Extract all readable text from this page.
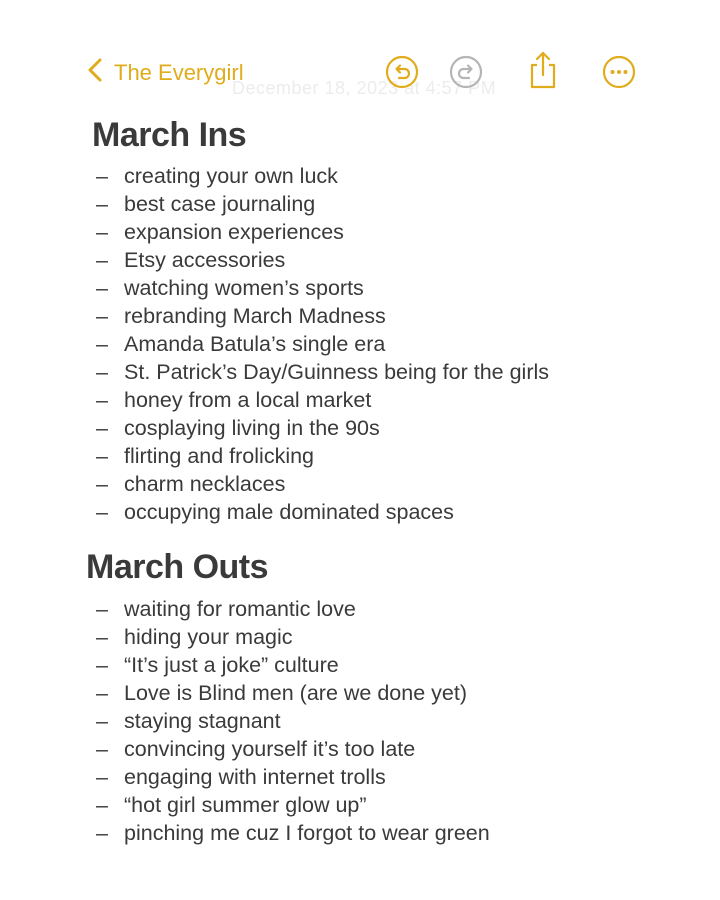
December 18, 2023 at 4:57 PM
The Everygirl
March Ins
– creating your own luck
– best case journaling
– expansion experiences
– Etsy accessories
– watching women’s sports
– rebranding March Madness
– Amanda Batula’s single era
– St. Patrick’s Day/Guinness being for the girls
– honey from a local market
– cosplaying living in the 90s
– flirting and frolicking
– charm necklaces
– occupying male dominated spaces
March Outs
– waiting for romantic love
– hiding your magic
– “It’s just a joke” culture
– Love is Blind men (are we done yet)
– staying stagnant
– convincing yourself it’s too late
– engaging with internet trolls
– “hot girl summer glow up”
– pinching me cuz I forgot to wear green
